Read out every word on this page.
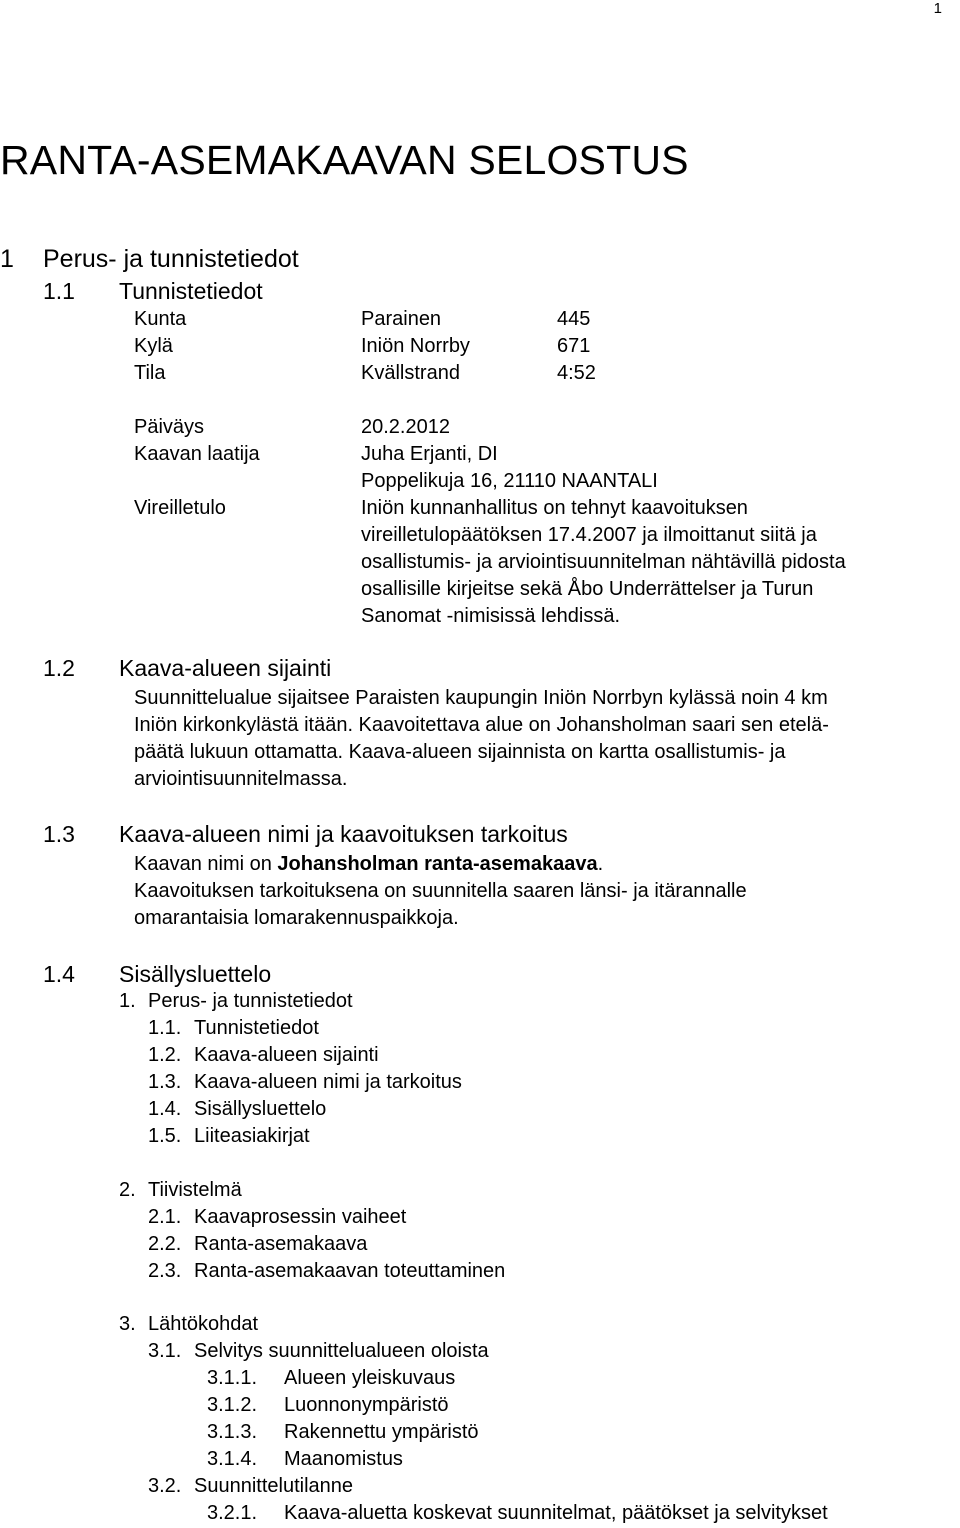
1
RANTA-ASEMAKAAVAN SELOSTUS
1 Perus- ja tunnistetiedot
1.1 Tunnistetiedot
Kunta	Parainen	445
Kylä	Iniön Norrby	671
Tila	Kvällstrand	4:52
Päiväys	20.2.2012
Kaavan laatija	Juha Erjanti, DI
Poppelikuja 16, 21110 NAANTALI
Vireilletulo	Iniön kunnanhallitus on tehnyt kaavoituksen
vireilletulopäätöksen 17.4.2007 ja ilmoittanut siitä ja
osallistumis- ja arviointisuunnitelman nähtävillä pidosta
osallisille kirjeitse sekä Åbo Underrättelser ja Turun
Sanomat -nimisissä lehdissä.
1.2 Kaava-alueen sijainti
Suunnittelualue sijaitsee Paraisten kaupungin Iniön Norrbyn kylässä noin 4 km
Iniön kirkonkylästä itään. Kaavoitettava alue on Johansholman saari sen etelä-
päätä lukuun ottamatta. Kaava-alueen sijainnista on kartta osallistumis- ja
arviointisuunnitelmassa.
1.3 Kaava-alueen nimi ja kaavoituksen tarkoitus
Kaavan nimi on Johansholman ranta-asemakaava.
Kaavoituksen tarkoituksena on suunnitella saaren länsi- ja itärannalle
omarantaisia lomarakennuspaikkoja.
1.4 Sisällysluettelo
1. Perus- ja tunnistetiedot
1.1. Tunnistetiedot
1.2. Kaava-alueen sijainti
1.3. Kaava-alueen nimi ja tarkoitus
1.4. Sisällysluettelo
1.5. Liiteasiakirjat
2. Tiivistelmä
2.1. Kaavaprosessin vaiheet
2.2. Ranta-asemakaava
2.3. Ranta-asemakaavan toteuttaminen
3. Lähtökohdat
3.1. Selvitys suunnittelualueen oloista
3.1.1. Alueen yleiskuvaus
3.1.2. Luonnonympäristö
3.1.3. Rakennettu ympäristö
3.1.4. Maanomistus
3.2. Suunnittelutilanne
3.2.1. Kaava-aluetta koskevat suunnitelmat, päätökset ja selvitykset
